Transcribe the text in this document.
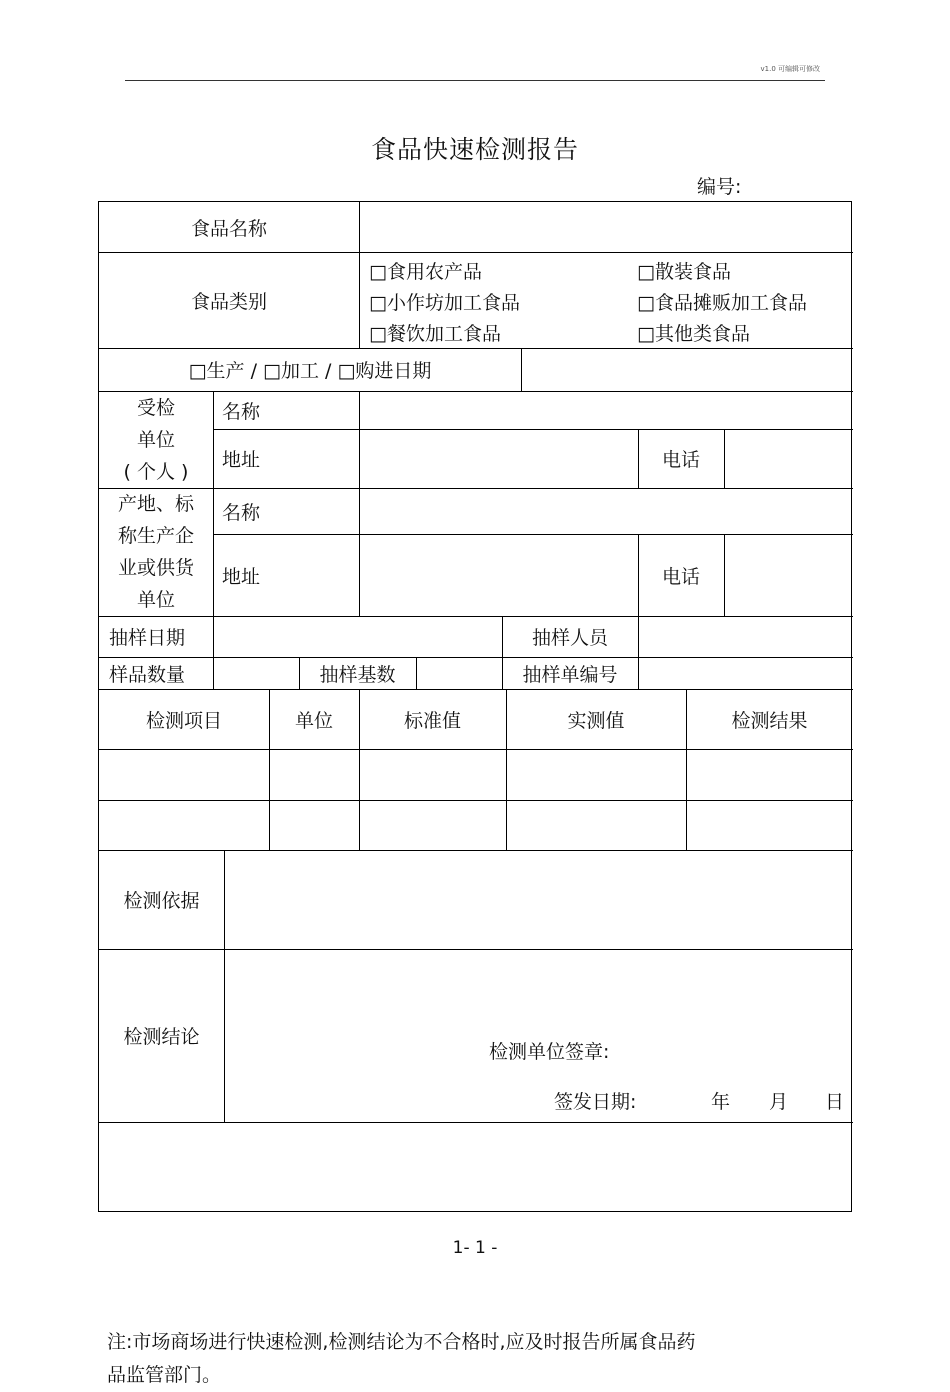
v1.0 可编辑可修改
食品快速检测报告
编号:
食品名称
食品类别
□食用农产品	□散装食品
□小作坊加工食品	□食品摊贩加工食品
□餐饮加工食品	□其他类食品
□生产 / □加工 / □购进日期
受检
单位
( 个人 )
名称
地址	电话
产地、标
称生产企
业或供货
单位
名称
地址	电话
抽样日期	抽样人员
样品数量	抽样基数	抽样单编号
检测项目	单位	标准值	实测值	检测结果
检测依据
检测结论
检测单位签章:
签发日期:	年 月 日
注:市场商场进行快速检测,检测结论为不合格时,应及时报告所属食品药
品监管部门。
1- 1 -
